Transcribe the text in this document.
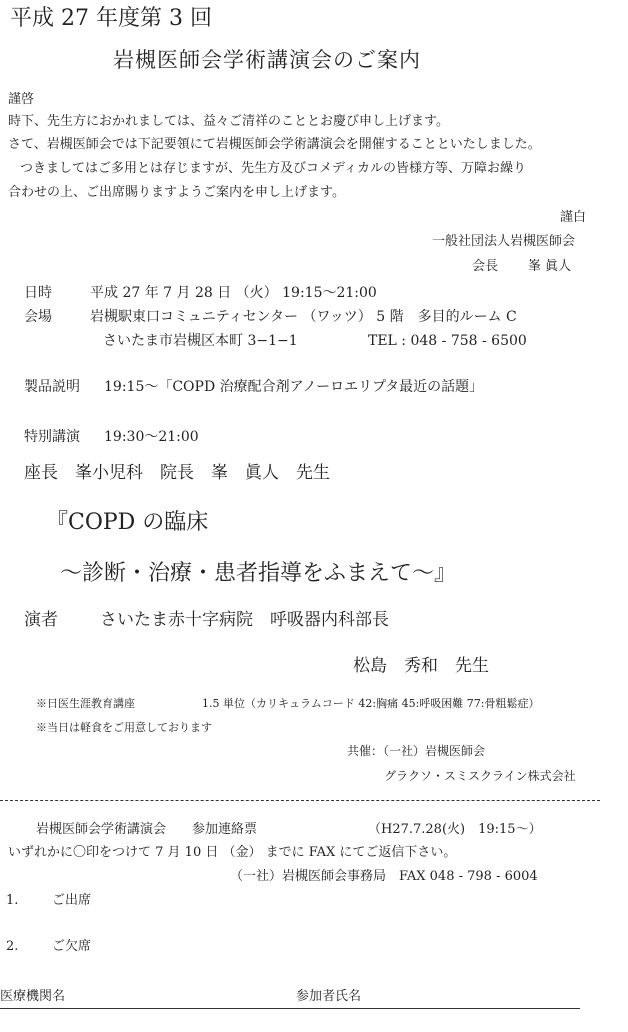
平成 27 年度第 3 回
岩槻医師会学術講演会のご案内
謹啓
時下、先生方におかれましては、益々ご清祥のこととお慶び申し上げます。
さて、岩槻医師会では下記要領にて岩槻医師会学術講演会を開催することといたしました。
つきましてはご多用とは存じますが、先生方及びコメディカルの皆様方等、万障お繰り
合わせの上、ご出席賜りますようご案内を申し上げます。
謹白
一般社団法人岩槻医師会
会長 峯 眞人
日時	平成 27 年 7 月 28 日 （火） 19:15〜21:00
会場	岩槻駅東口コミュニティセンター （ワッツ） 5 階　多目的ルーム C
さいたま市岩槻区本町 3−1−1	TEL : 048 - 758 - 6500
製品説明 19:15〜「COPD 治療配合剤アノーロエリプタ最近の話題」
特別講演 19:30〜21:00
座長　峯小児科　院長　峯　眞人　先生
『COPD の臨床
〜診断・治療・患者指導をふまえて〜』
演者 さいたま赤十字病院　呼吸器内科部長
松島　秀和　先生
※日医生涯教育講座	1.5 単位（カリキュラムコード 42:胸痛 45:呼吸困難 77:骨粗鬆症）
※当日は軽食をご用意しております
共催：（一社）岩槻医師会
グラクソ・スミスクライン株式会社
岩槻医師会学術講演会　　参加連絡票	（H27.7.28(火)　19:15〜）
いずれかに〇印をつけて 7 月 10 日 （金） までに FAX にてご返信下さい。
（一社）岩槻医師会事務局　FAX 048 - 798 - 6004
1.	ご出席
2.	ご欠席
医療機関名	参加者氏名
